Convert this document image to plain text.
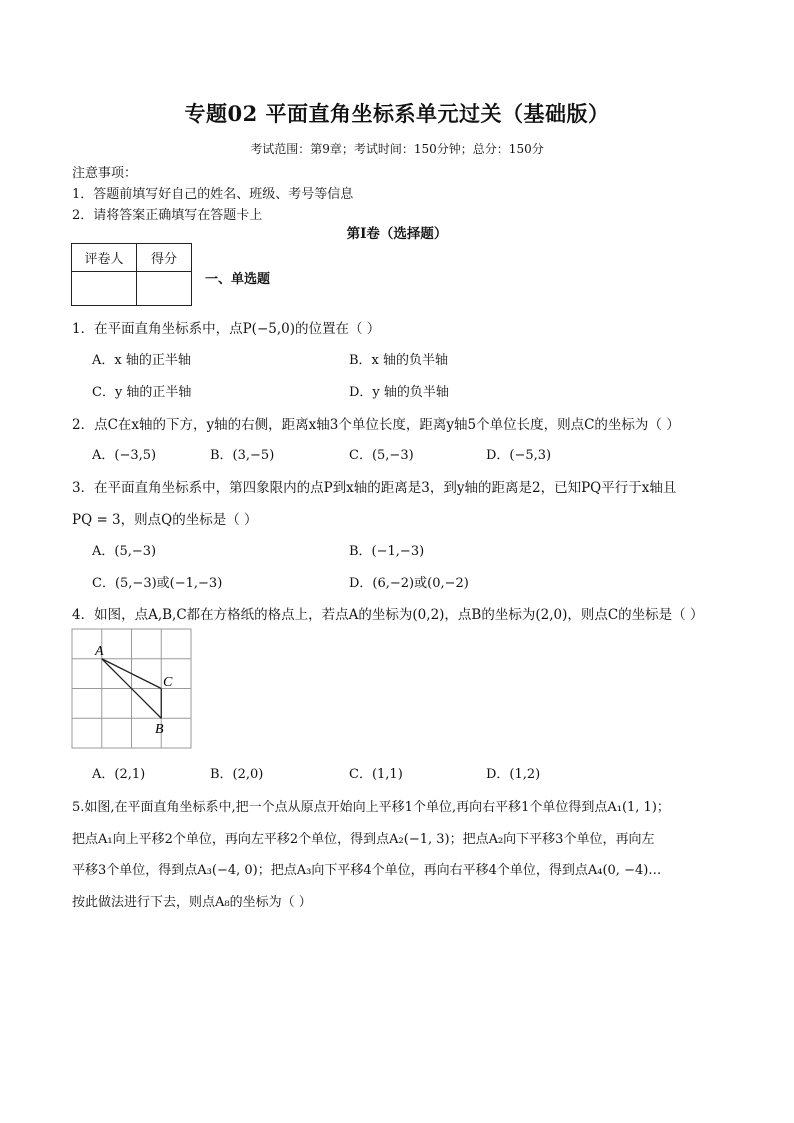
专题02 平面直角坐标系单元过关（基础版）
考试范围：第9章；考试时间：150分钟；总分：150分
注意事项：
1．答题前填写好自己的姓名、班级、考号等信息
2．请将答案正确填写在答题卡上
第I卷（选择题）
评卷人	得分

一、单选题
1．在平面直角坐标系中，点P(−5,0)的位置在（ ）
A．x 轴的正半轴	B．x 轴的负半轴
C．y 轴的正半轴	D．y 轴的负半轴
2．点C在x轴的下方，y轴的右侧，距离x轴3个单位长度，距离y轴5个单位长度，则点C的坐标为（ ）
A．(−3,5)	B．(3,−5)	C．(5,−3)	D．(−5,3)
3．在平面直角坐标系中，第四象限内的点P到x轴的距离是3，到y轴的距离是2，已知PQ平行于x轴且
PQ = 3，则点Q的坐标是（ ）
A．(5,−3)	B．(−1,−3)
C．(5,−3)或(−1,−3)	D．(6,−2)或(0,−2)
4．如图，点A,B,C都在方格纸的格点上，若点A的坐标为(0,2)，点B的坐标为(2,0)，则点C的坐标是（ ）
A
C
B
A．(2,1)	B．(2,0)	C．(1,1)	D．(1,2)
5.如图,在平面直角坐标系中,把一个点从原点开始向上平移1个单位,再向右平移1个单位得到点A₁(1, 1)；
把点A₁向上平移2个单位，再向左平移2个单位，得到点A₂(−1, 3)；把点A₂向下平移3个单位，再向左
平移3个单位，得到点A₃(−4, 0)；把点A₃向下平移4个单位，再向右平移4个单位，得到点A₄(0, −4)…
按此做法进行下去，则点A₈的坐标为（ ）
